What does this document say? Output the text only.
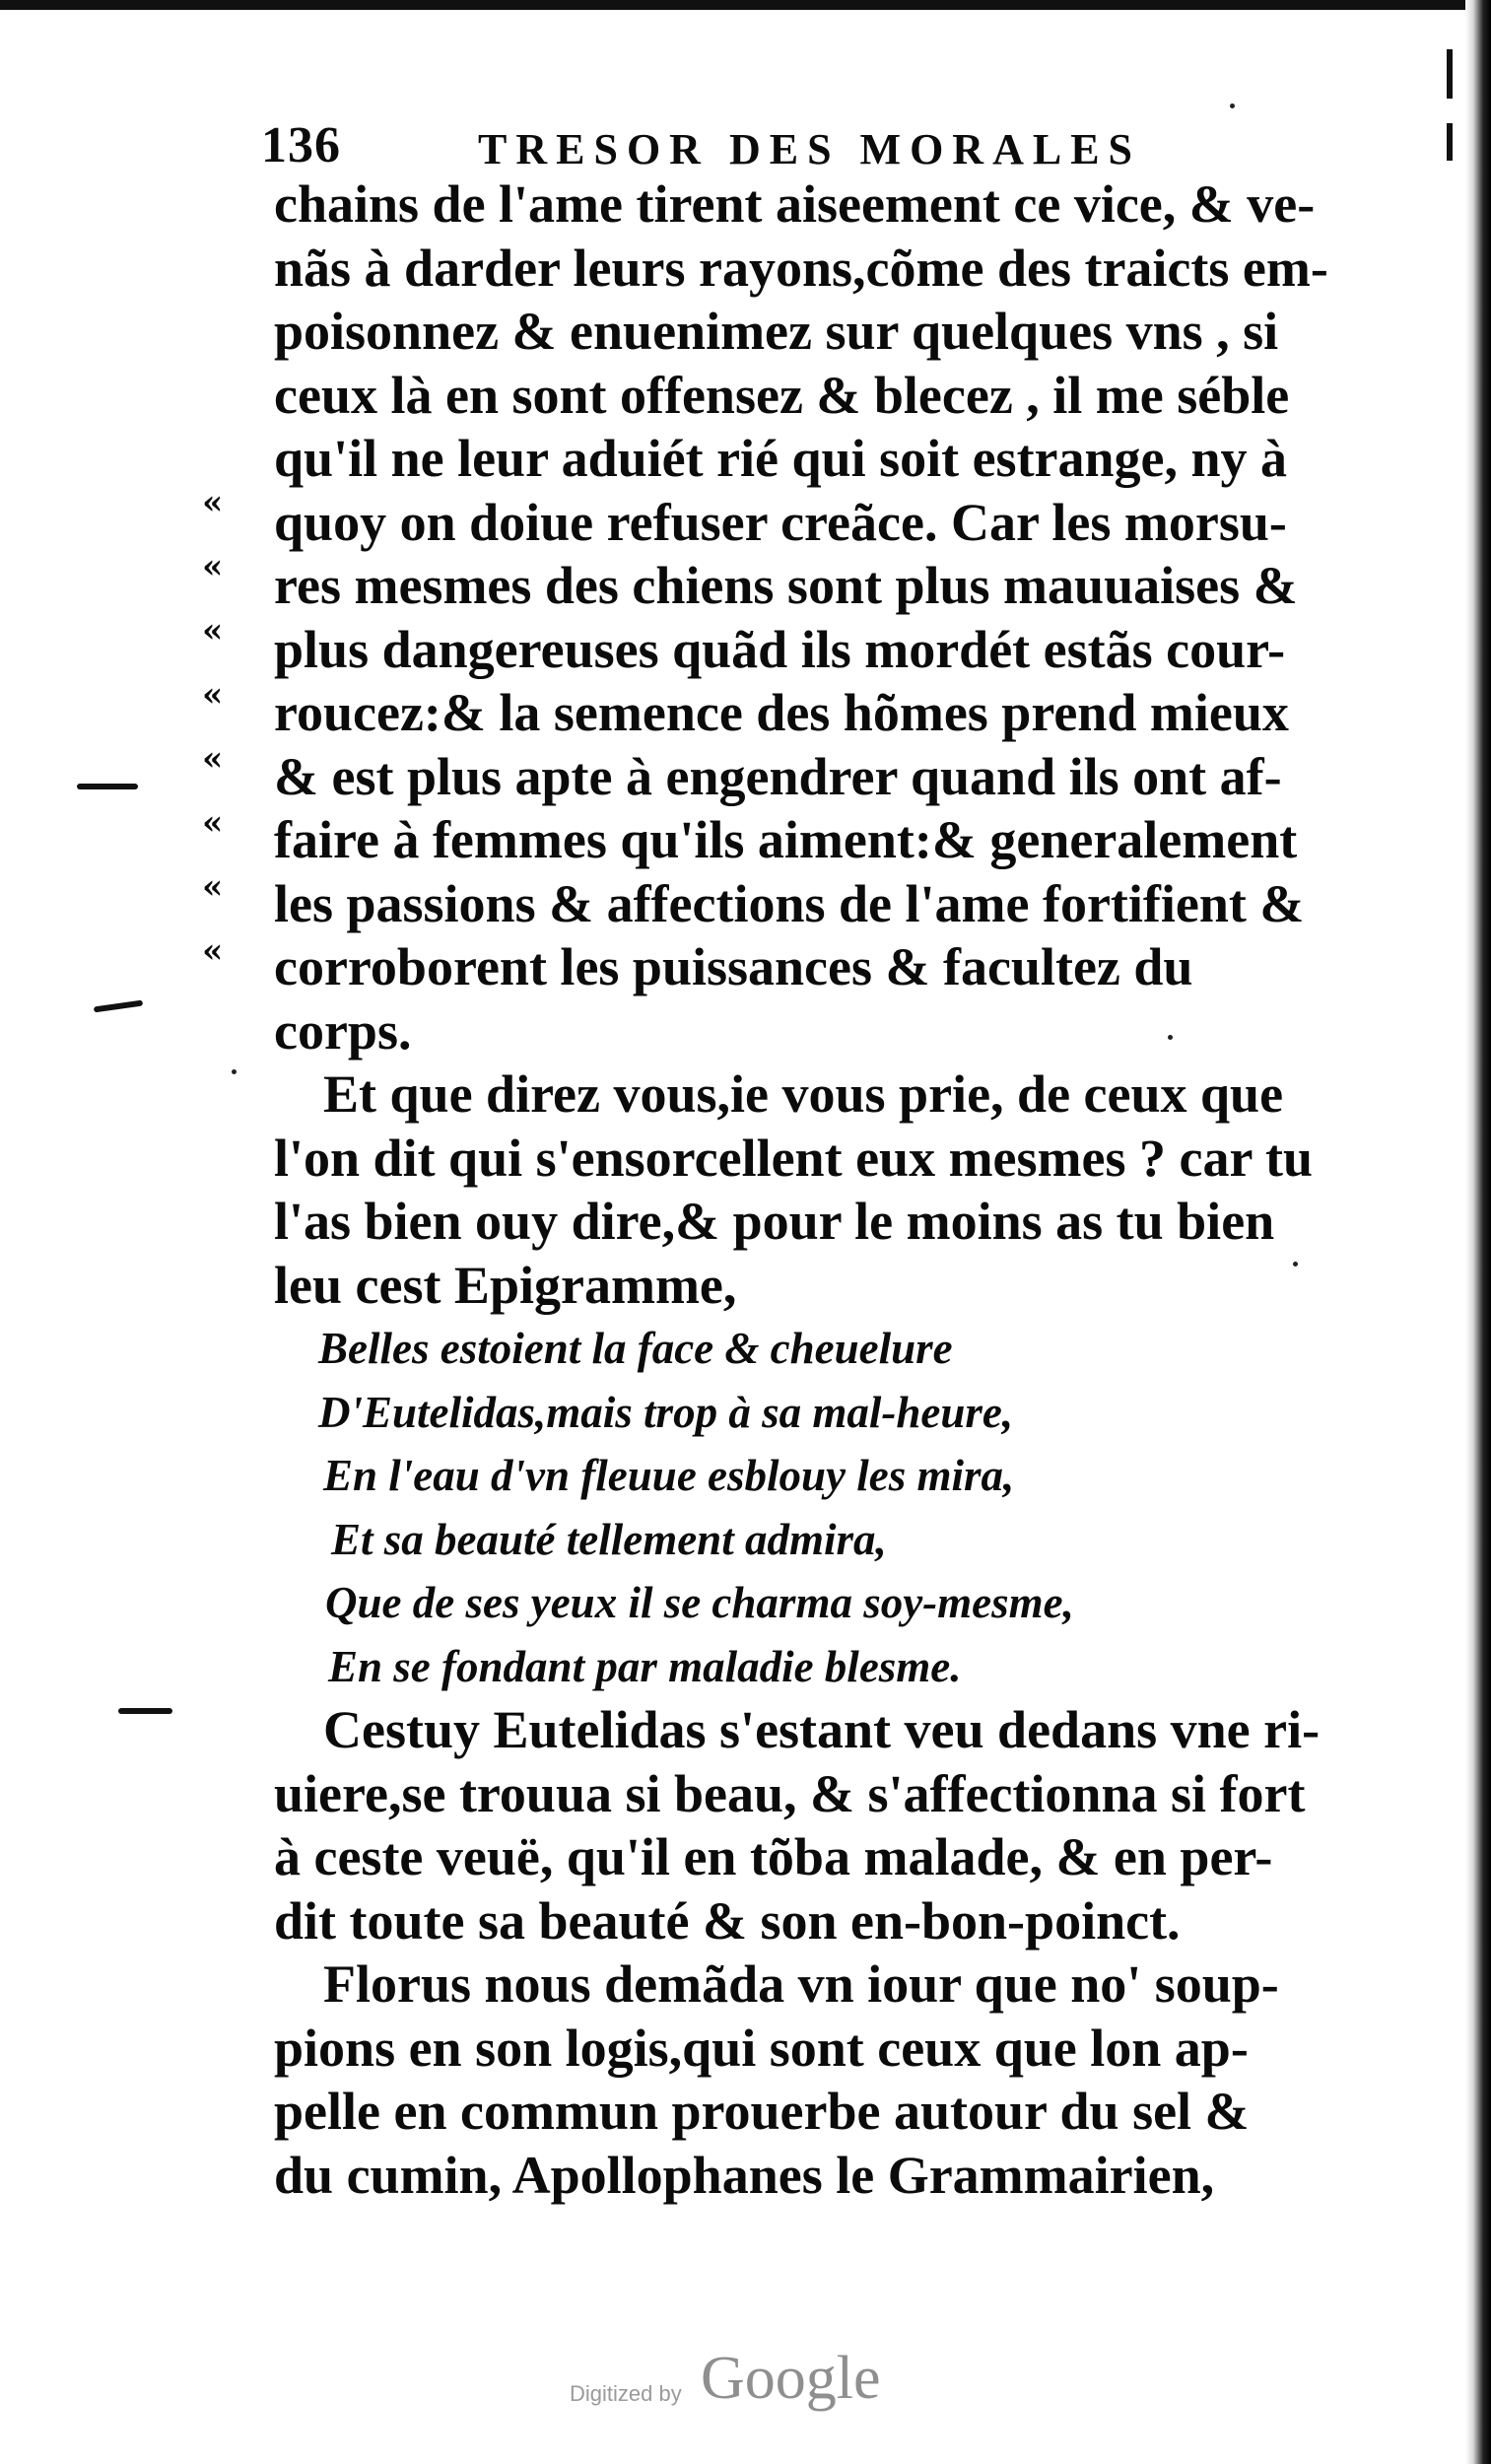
136	TRESOR DES MORALES
«
«
«
«
«
«
«
«
chains de l'ame tirent aiseement ce vice, & ve-
nãs à darder leurs rayons,cõme des traicts em-
poisonnez & enuenimez sur quelques vns , si
ceux là en sont offensez & blecez , il me séble
qu'il ne leur aduiét rié qui soit estrange, ny à
quoy on doiue refuser creãce. Car les morsu-
res mesmes des chiens sont plus mauuaises &
plus dangereuses quãd ils mordét estãs cour-
roucez:& la semence des hõmes prend mieux
& est plus apte à engendrer quand ils ont af-
faire à femmes qu'ils aiment:& generalement
les passions & affections de l'ame fortifient &
corroborent les puissances & facultez du
corps.
Et que direz vous,ie vous prie, de ceux que
l'on dit qui s'ensorcellent eux mesmes ? car tu
l'as bien ouy dire,& pour le moins as tu bien
leu cest Epigramme,
Belles estoient la face & cheuelure
D'Eutelidas,mais trop à sa mal-heure,
En l'eau d'vn fleuue esblouy les mira,
Et sa beauté tellement admira,
Que de ses yeux il se charma soy-mesme,
En se fondant par maladie blesme.
Cestuy Eutelidas s'estant veu dedans vne ri-
uiere,se trouua si beau, & s'affectionna si fort
à ceste veuë, qu'il en tõba malade, & en per-
dit toute sa beauté & son en-bon-poinct.
Florus nous demãda vn iour que no' soup-
pions en son logis,qui sont ceux que lon ap-
pelle en commun prouerbe autour du sel &
du cumin, Apollophanes le Grammairien,
Digitized by Google
